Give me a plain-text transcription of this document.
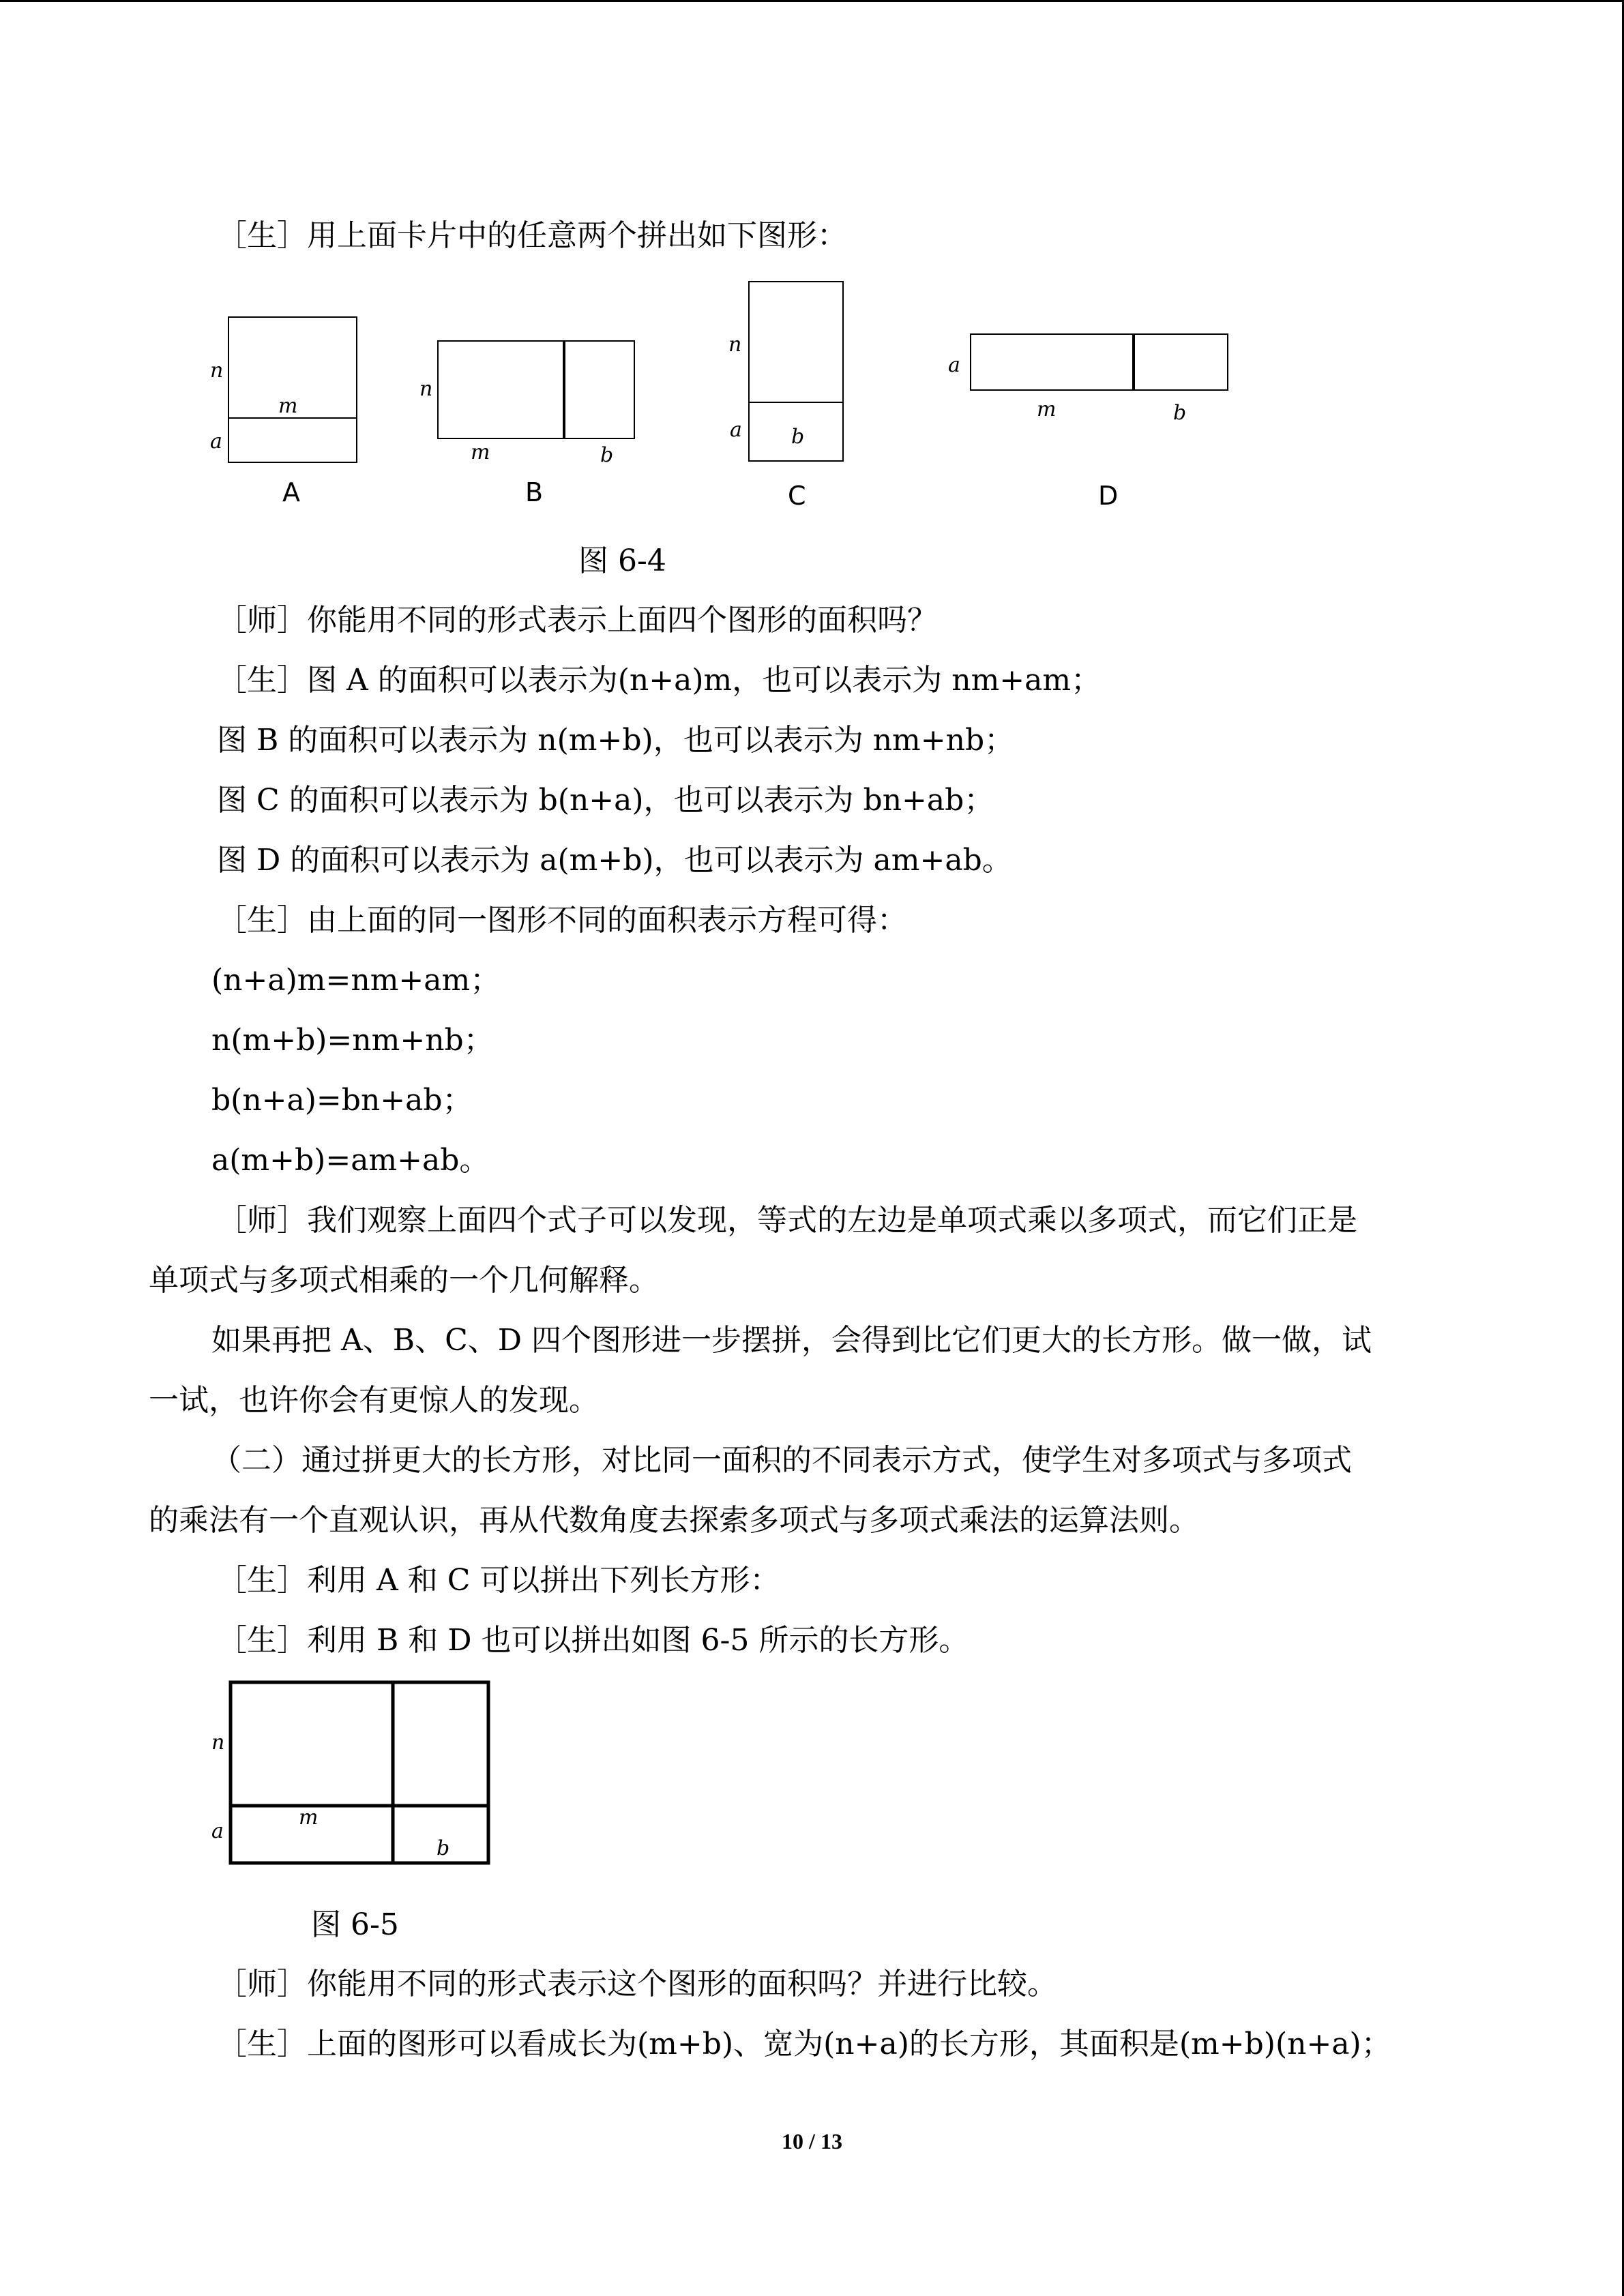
［生］用上面卡片中的任意两个拼出如下图形：
n
m
a
A
n
m	b
B
n
a b
C
a
m	b
D
图 6-4
［师］你能用不同的形式表示上面四个图形的面积吗？
［生］图 A 的面积可以表示为(n+a)m，也可以表示为 nm+am；
图 B 的面积可以表示为 n(m+b)，也可以表示为 nm+nb；
图 C 的面积可以表示为 b(n+a)，也可以表示为 bn+ab；
图 D 的面积可以表示为 a(m+b)，也可以表示为 am+ab。
［生］由上面的同一图形不同的面积表示方程可得：
(n+a)m=nm+am；
n(m+b)=nm+nb；
b(n+a)=bn+ab；
a(m+b)=am+ab。
［师］我们观察上面四个式子可以发现，等式的左边是单项式乘以多项式，而它们正是
单项式与多项式相乘的一个几何解释。
如果再把 A、B、C、D 四个图形进一步摆拼，会得到比它们更大的长方形。做一做，试
一试，也许你会有更惊人的发现。
（二）通过拼更大的长方形，对比同一面积的不同表示方式，使学生对多项式与多项式
的乘法有一个直观认识，再从代数角度去探索多项式与多项式乘法的运算法则。
［生］利用 A 和 C 可以拼出下列长方形：
［生］利用 B 和 D 也可以拼出如图 6-5 所示的长方形。
n
m
a
b
图 6-5
［师］你能用不同的形式表示这个图形的面积吗？并进行比较。
［生］上面的图形可以看成长为(m+b)、宽为(n+a)的长方形，其面积是(m+b)(n+a)；
10 / 13
